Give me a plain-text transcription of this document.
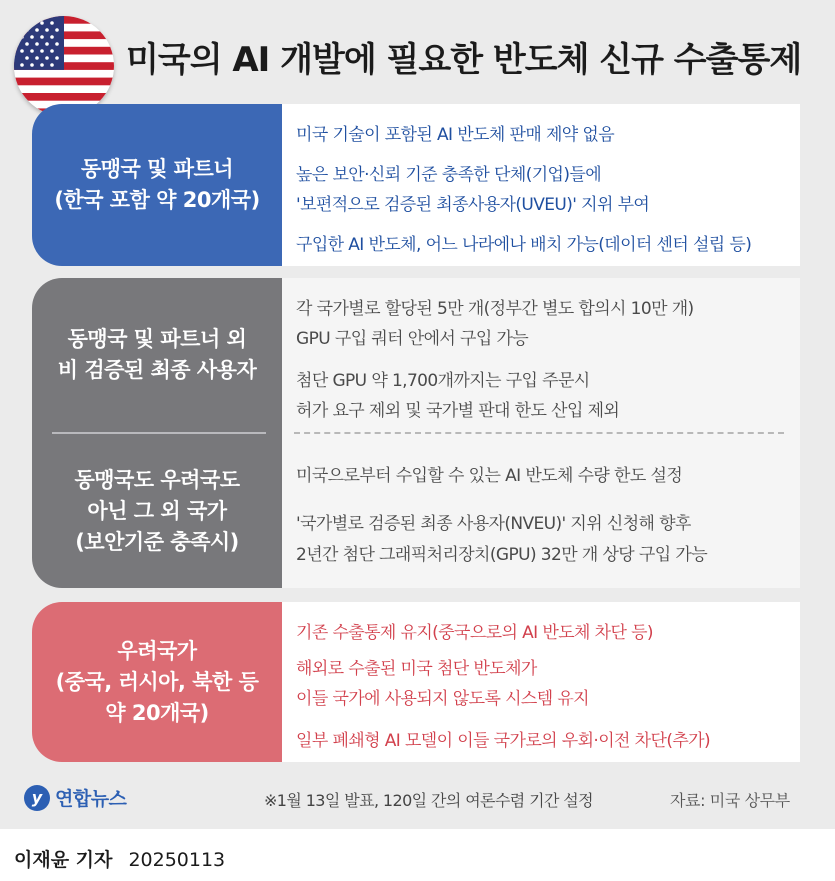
미국의 AI 개발에 필요한 반도체 신규 수출통제
동맹국 및 파트너
(한국 포함 약 20개국)
미국 기술이 포함된 AI 반도체 판매 제약 없음
높은 보안·신뢰 기준 충족한 단체(기업)들에
'보편적으로 검증된 최종사용자(UVEU)' 지위 부여
구입한 AI 반도체, 어느 나라에나 배치 가능(데이터 센터 설립 등)
동맹국 및 파트너 외
비 검증된 최종 사용자
동맹국도 우려국도
아닌 그 외 국가
(보안기준 충족시)
각 국가별로 할당된 5만 개(정부간 별도 합의시 10만 개)
GPU 구입 쿼터 안에서 구입 가능
첨단 GPU 약 1,700개까지는 구입 주문시
허가 요구 제외 및 국가별 판대 한도 산입 제외
미국으로부터 수입할 수 있는 AI 반도체 수량 한도 설정
'국가별로 검증된 최종 사용자(NVEU)' 지위 신청해 향후
2년간 첨단 그래픽처리장치(GPU) 32만 개 상당 구입 가능
우려국가
(중국, 러시아, 북한 등
약 20개국)
기존 수출통제 유지(중국으로의 AI 반도체 차단 등)
해외로 수출된 미국 첨단 반도체가
이들 국가에 사용되지 않도록 시스템 유지
일부 폐쇄형 AI 모델이 이들 국가로의 우회·이전 차단(추가)
y 연합뉴스	※1월 13일 발표, 120일 간의 여론수렴 기간 설정	자료: 미국 상무부
이재윤 기자 20250113
